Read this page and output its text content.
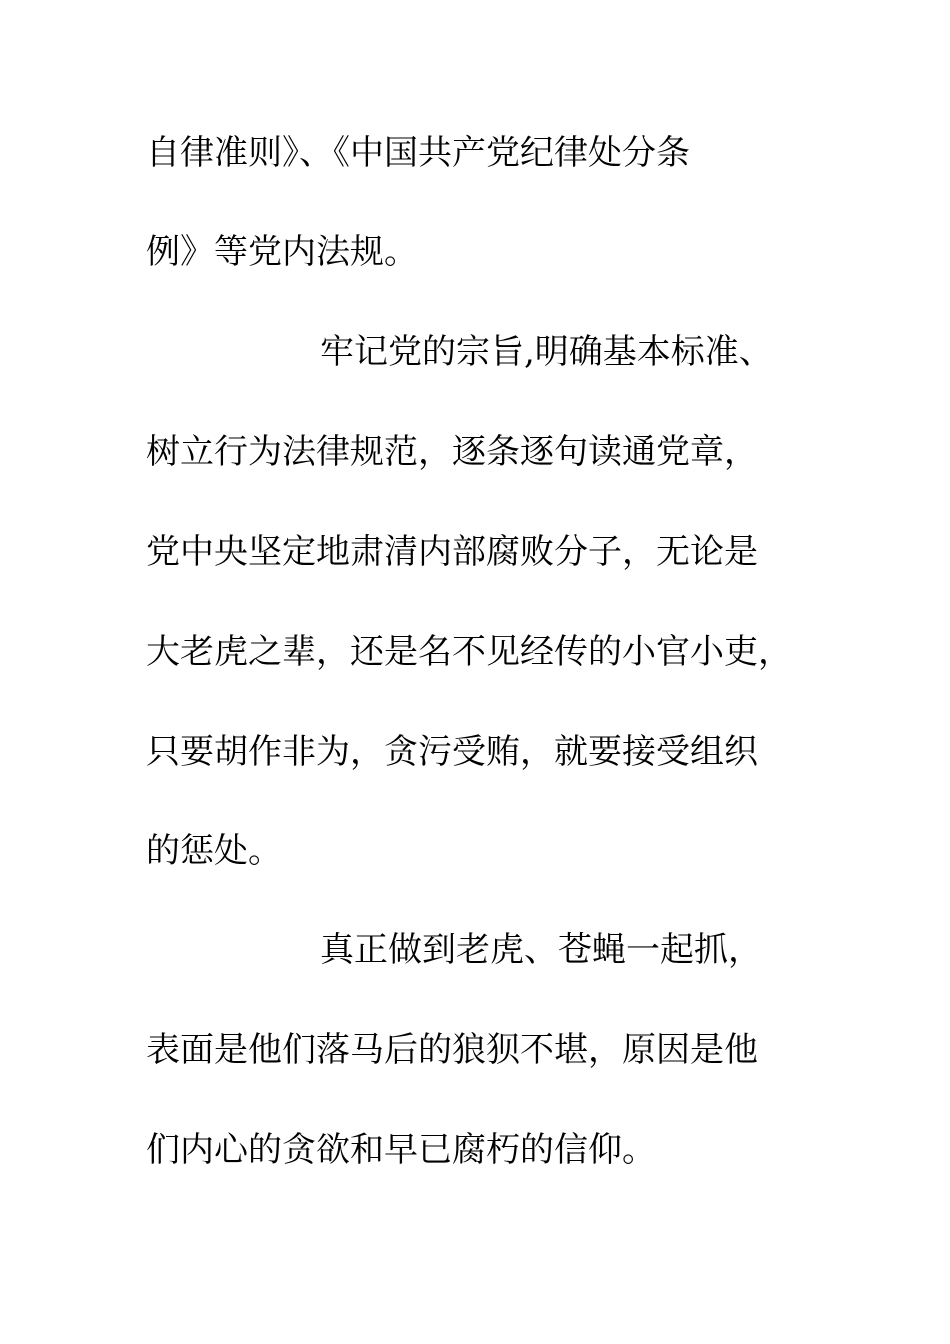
自律准则》、《中国共产党纪律处分条
例》等党内法规。
牢记党的宗旨,明确基本标准、
树立行为法律规范，逐条逐句读通党章，
党中央坚定地肃清内部腐败分子，无论是
大老虎之辈，还是名不见经传的小官小吏，
只要胡作非为，贪污受贿，就要接受组织
的惩处。
真正做到老虎、苍蝇一起抓，
表面是他们落马后的狼狈不堪，原因是他
们内心的贪欲和早已腐朽的信仰。
